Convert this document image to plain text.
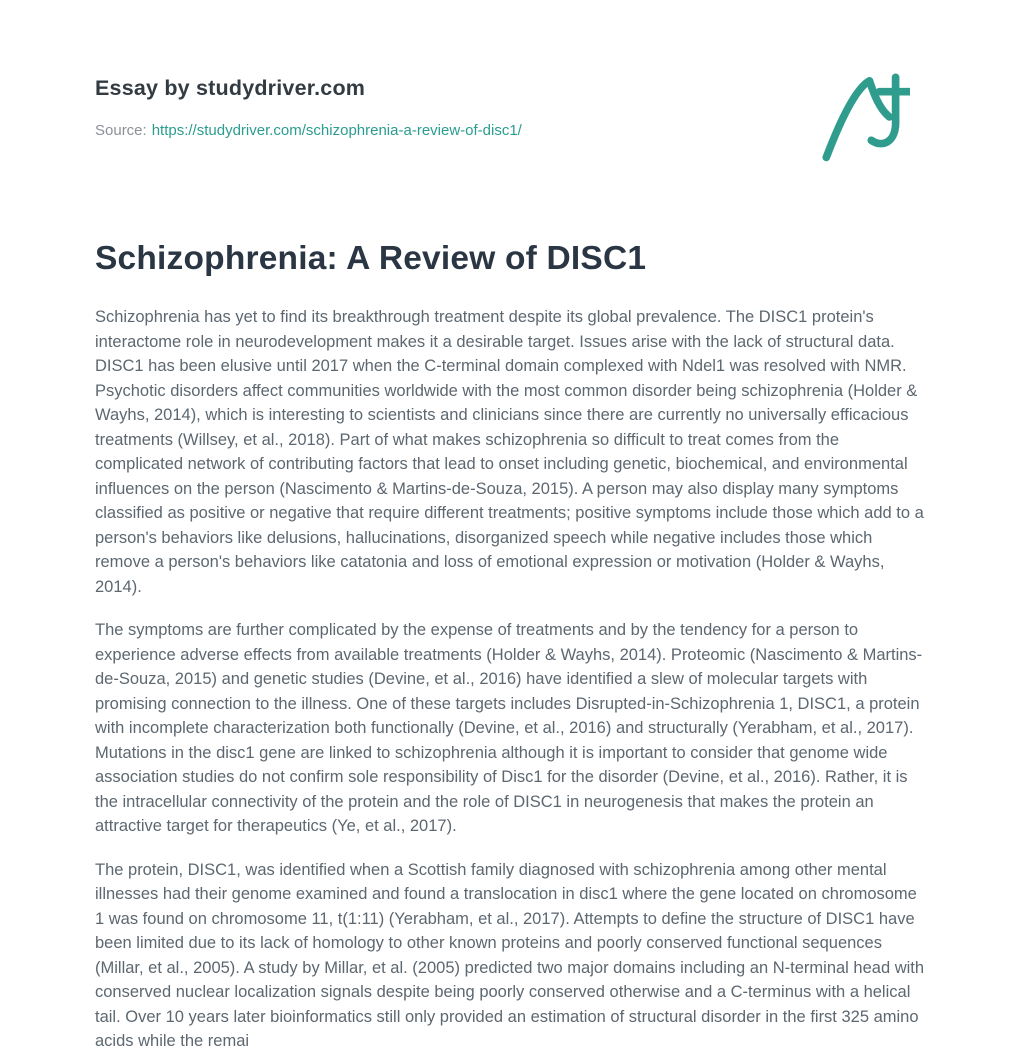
Essay by studydriver.com
Source: https://studydriver.com/schizophrenia-a-review-of-disc1/
Schizophrenia: A Review of DISC1

Schizophrenia has yet to find its breakthrough treatment despite its global prevalence. The DISC1 protein's interactome role in neurodevelopment makes it a desirable target. Issues arise with the lack of structural data. DISC1 has been elusive until 2017 when the C-terminal domain complexed with Ndel1 was resolved with NMR. Psychotic disorders affect communities worldwide with the most common disorder being schizophrenia (Holder & Wayhs, 2014), which is interesting to scientists and clinicians since there are currently no universally efficacious treatments (Willsey, et al., 2018). Part of what makes schizophrenia so difficult to treat comes from the complicated network of contributing factors that lead to onset including genetic, biochemical, and environmental influences on the person (Nascimento & Martins-de-Souza, 2015). A person may also display many symptoms classified as positive or negative that require different treatments; positive symptoms include those which add to a person's behaviors like delusions, hallucinations, disorganized speech while negative includes those which remove a person's behaviors like catatonia and loss of emotional expression or motivation (Holder & Wayhs, 2014).

The symptoms are further complicated by the expense of treatments and by the tendency for a person to experience adverse effects from available treatments (Holder & Wayhs, 2014). Proteomic (Nascimento & Martins-de-Souza, 2015) and genetic studies (Devine, et al., 2016) have identified a slew of molecular targets with promising connection to the illness. One of these targets includes Disrupted-in-Schizophrenia 1, DISC1, a protein with incomplete characterization both functionally (Devine, et al., 2016) and structurally (Yerabham, et al., 2017). Mutations in the disc1 gene are linked to schizophrenia although it is important to consider that genome wide association studies do not confirm sole responsibility of Disc1 for the disorder (Devine, et al., 2016). Rather, it is the intracellular connectivity of the protein and the role of DISC1 in neurogenesis that makes the protein an attractive target for therapeutics (Ye, et al., 2017).

The protein, DISC1, was identified when a Scottish family diagnosed with schizophrenia among other mental illnesses had their genome examined and found a translocation in disc1 where the gene located on chromosome 1 was found on chromosome 11, t(1:11) (Yerabham, et al., 2017). Attempts to define the structure of DISC1 have been limited due to its lack of homology to other known proteins and poorly conserved functional sequences (Millar, et al., 2005). A study by Millar, et al. (2005) predicted two major domains including an N-terminal head with conserved nuclear localization signals despite being poorly conserved otherwise and a C-terminus with a helical tail. Over 10 years later bioinformatics still only provided an estimation of structural disorder in the first 325 amino acids while the remai
